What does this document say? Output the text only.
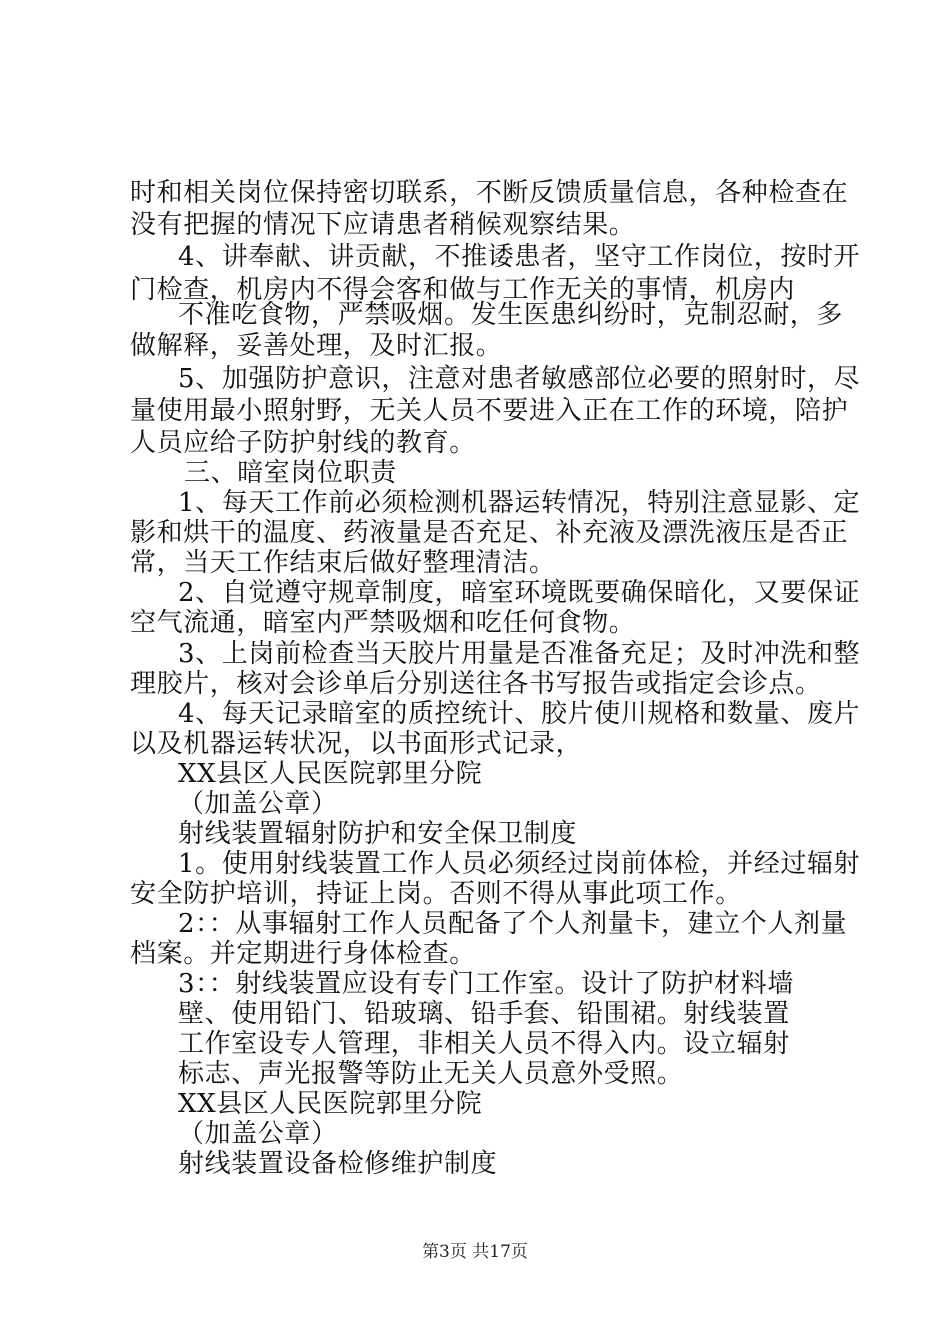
时和相关岗位保持密切联系，不断反馈质量信息，各种检查在
没有把握的情况下应请患者稍候观察结果。
4、讲奉献、讲贡献，不推诿患者，坚守工作岗位，按时开
门检查，机房内不得会客和做与工作无关的事情，机房内
不准吃食物，严禁吸烟。发生医患纠纷时，克制忍耐，多
做解释，妥善处理，及时汇报。
5、加强防护意识，注意对患者敏感部位必要的照射时，尽
量使用最小照射野，无关人员不要进入正在工作的环境，陪护
人员应给子防护射线的教育。
三、暗室岗位职责
1、每天工作前必须检测机器运转情况，特别注意显影、定
影和烘干的温度、药液量是否充足、补充液及漂洗液压是否正
常，当天工作结束后做好整理清洁。
2、自觉遵守规章制度，暗室环境既要确保暗化，又要保证
空气流通，暗室内严禁吸烟和吃任何食物。
3、上岗前检查当天胶片用量是否准备充足；及时冲洗和整
理胶片，核对会诊单后分别送往各书写报告或指定会诊点。
4、每天记录暗室的质控统计、胶片使川规格和数量、废片
以及机器运转状况，以书面形式记录，
XX县区人民医院郭里分院
（加盖公章）
射线装置辐射防护和安全保卫制度
1。使用射线装置工作人员必须经过岗前体检，并经过辐射
安全防护培训，持证上岗。否则不得从事此项工作。
2：：从事辐射工作人员配备了个人剂量卡，建立个人剂量
档案。并定期进行身体检查。
3：：射线装置应设有专门工作室。设计了防护材料墙
壁、使用铅门、铅玻璃、铅手套、铅围裙。射线装置
工作室设专人管理，非相关人员不得入内。设立辐射
标志、声光报警等防止无关人员意外受照。
XX县区人民医院郭里分院
（加盖公章）
射线装置设备检修维护制度
第3页 共17页
